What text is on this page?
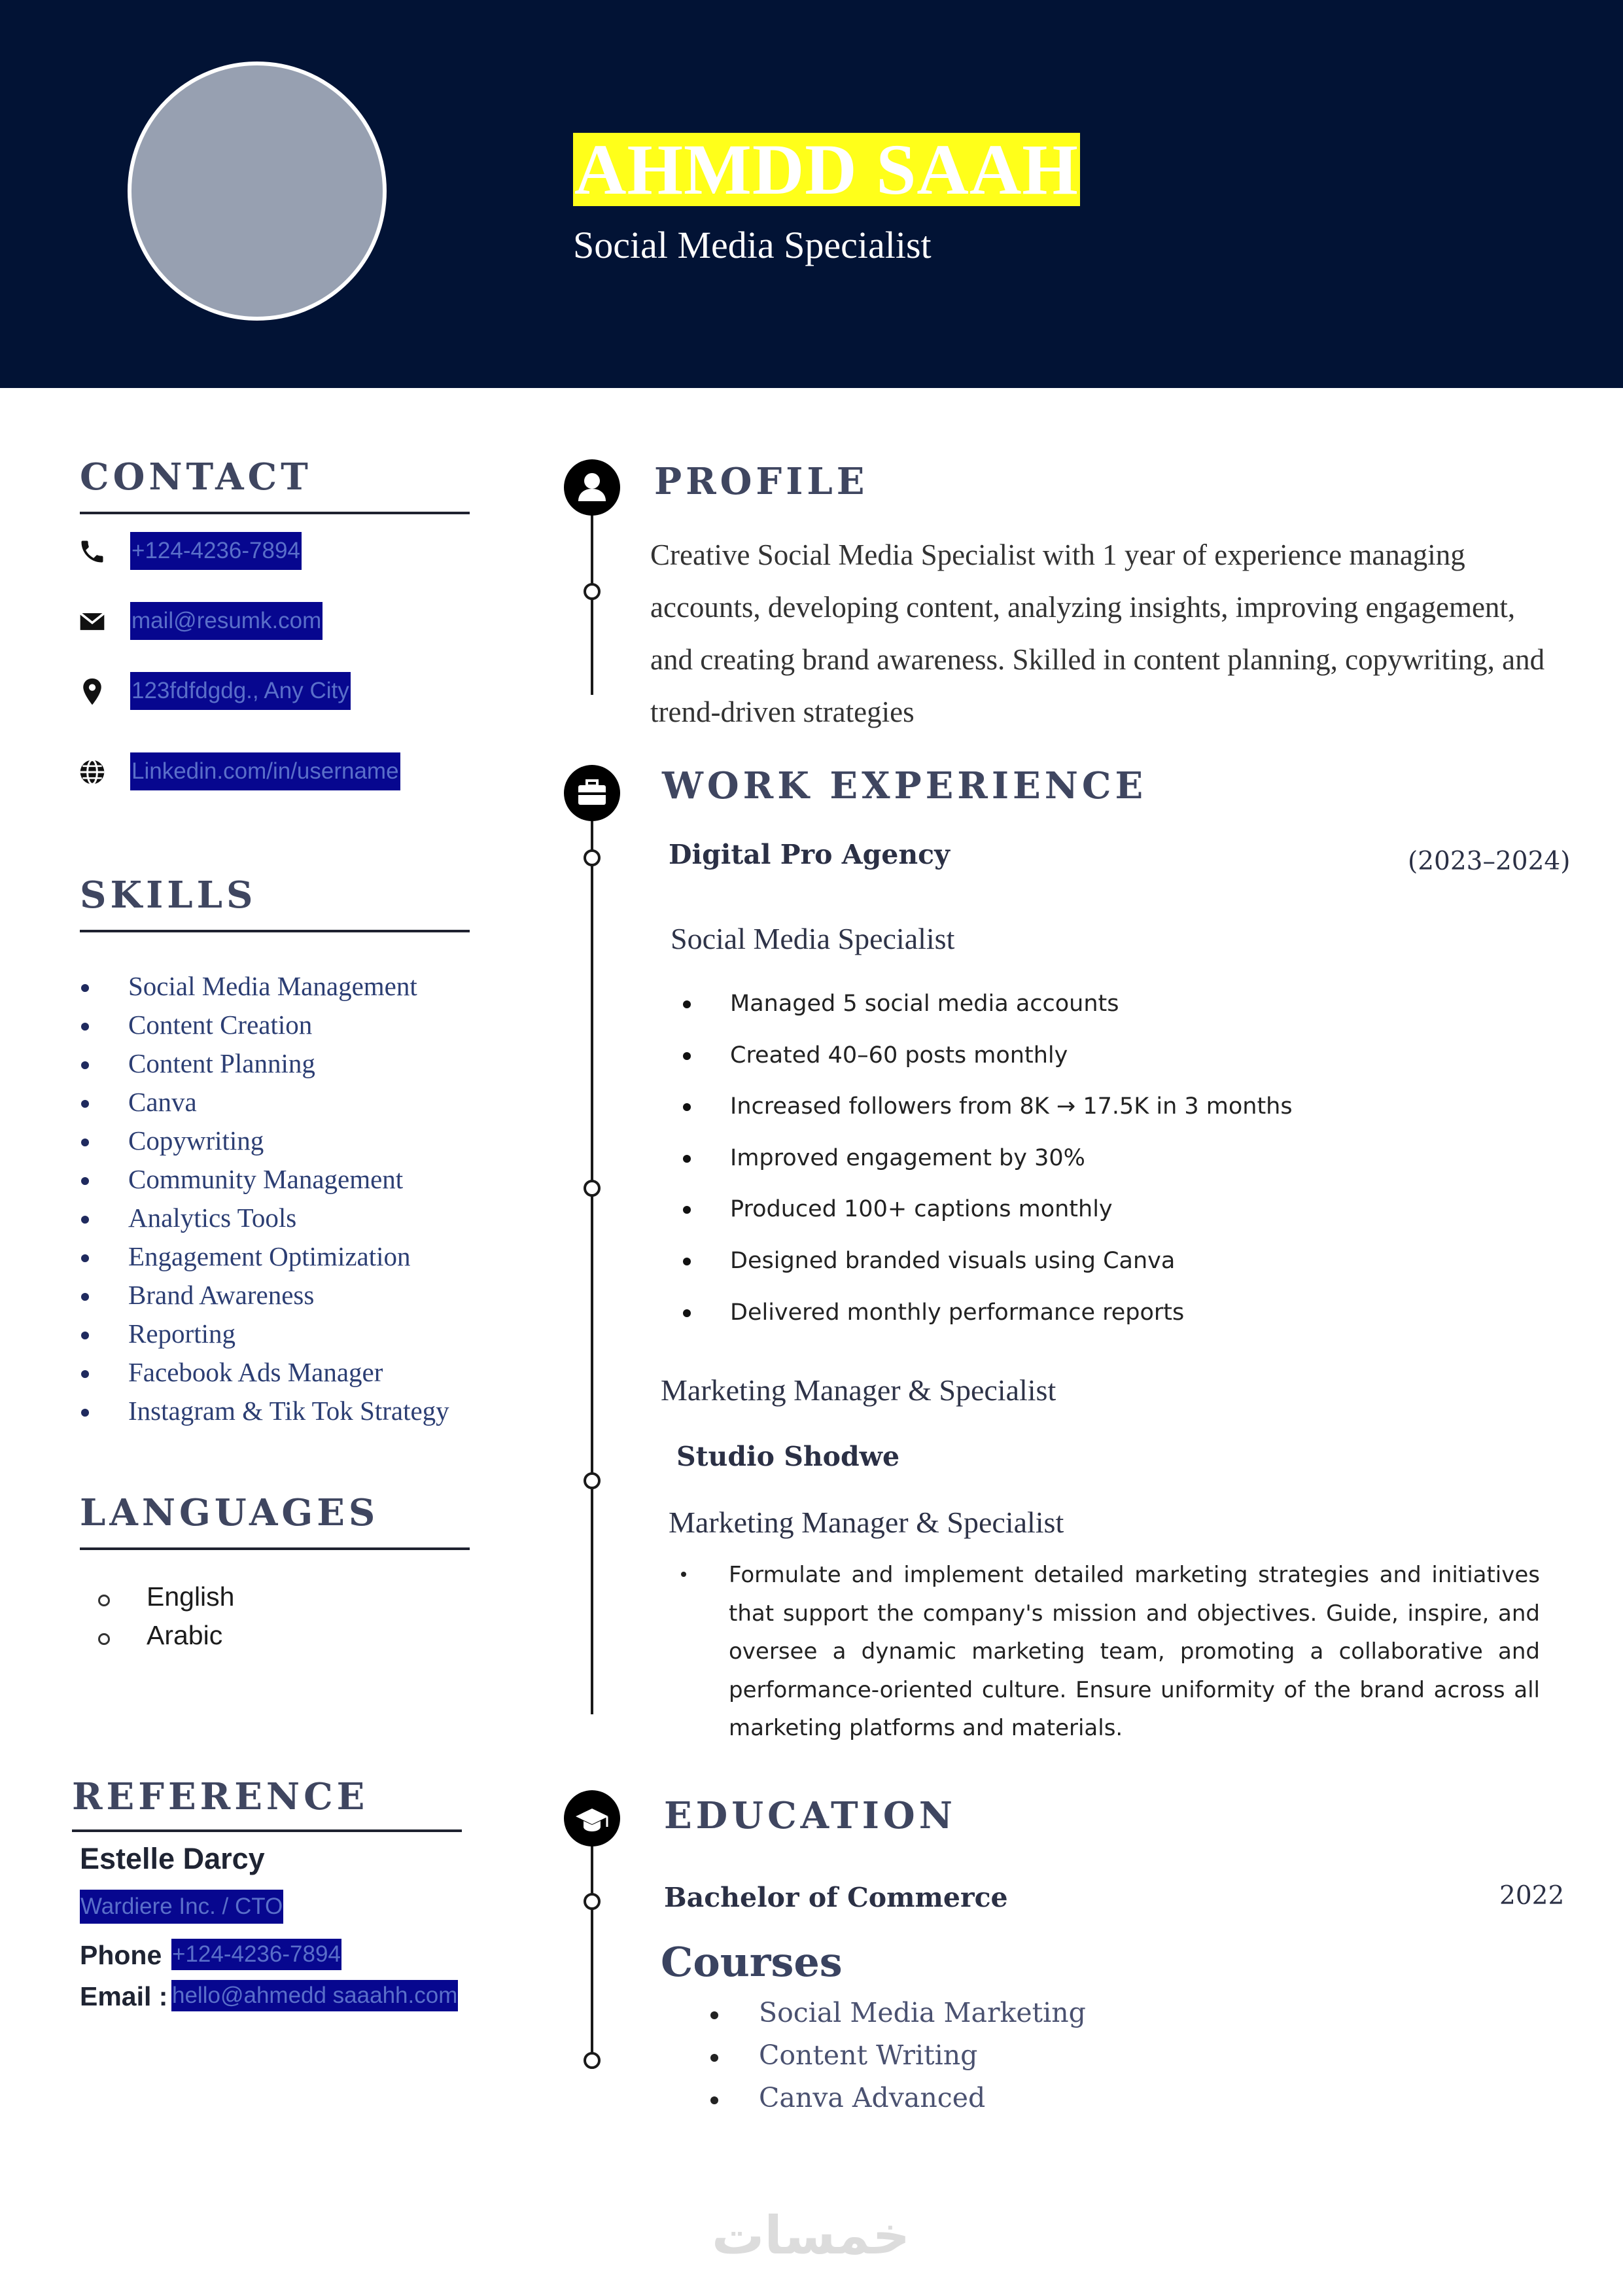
AHMDD SAAH
Social Media Specialist
CONTACT
+124-4236-7894
mail@resumk.com
123fdfdgdg., Any City
Linkedin.com/in/username
SKILLS
Social Media Management
Content Creation
Content Planning
Canva
Copywriting
Community Management
Analytics Tools
Engagement Optimization
Brand Awareness
Reporting
Facebook Ads Manager
Instagram & Tik Tok Strategy
LANGUAGES
English
Arabic
REFERENCE
Estelle Darcy
Wardiere Inc. / CTO
Phone +124-4236-7894
Email : hello@ahmedd saaahh.com
PROFILE
Creative Social Media Specialist with 1 year of experience managing accounts, developing content, analyzing insights, improving engagement, and creating brand awareness. Skilled in content planning, copywriting, and trend-driven strategies
WORK EXPERIENCE
Digital Pro Agency	(2023–2024)
Social Media Specialist
Managed 5 social media accounts
Created 40–60 posts monthly
Increased followers from 8K → 17.5K in 3 months
Improved engagement by 30%
Produced 100+ captions monthly
Designed branded visuals using Canva
Delivered monthly performance reports
Marketing Manager & Specialist
Studio Shodwe
Marketing Manager & Specialist
Formulate and implement detailed marketing strategies and initiatives that support the company's mission and objectives. Guide, inspire, and oversee a dynamic marketing team, promoting a collaborative and performance-oriented culture. Ensure uniformity of the brand across all marketing platforms and materials.
EDUCATION
Bachelor of Commerce	2022
Courses
Social Media Marketing
Content Writing
Canva Advanced
خمسات
